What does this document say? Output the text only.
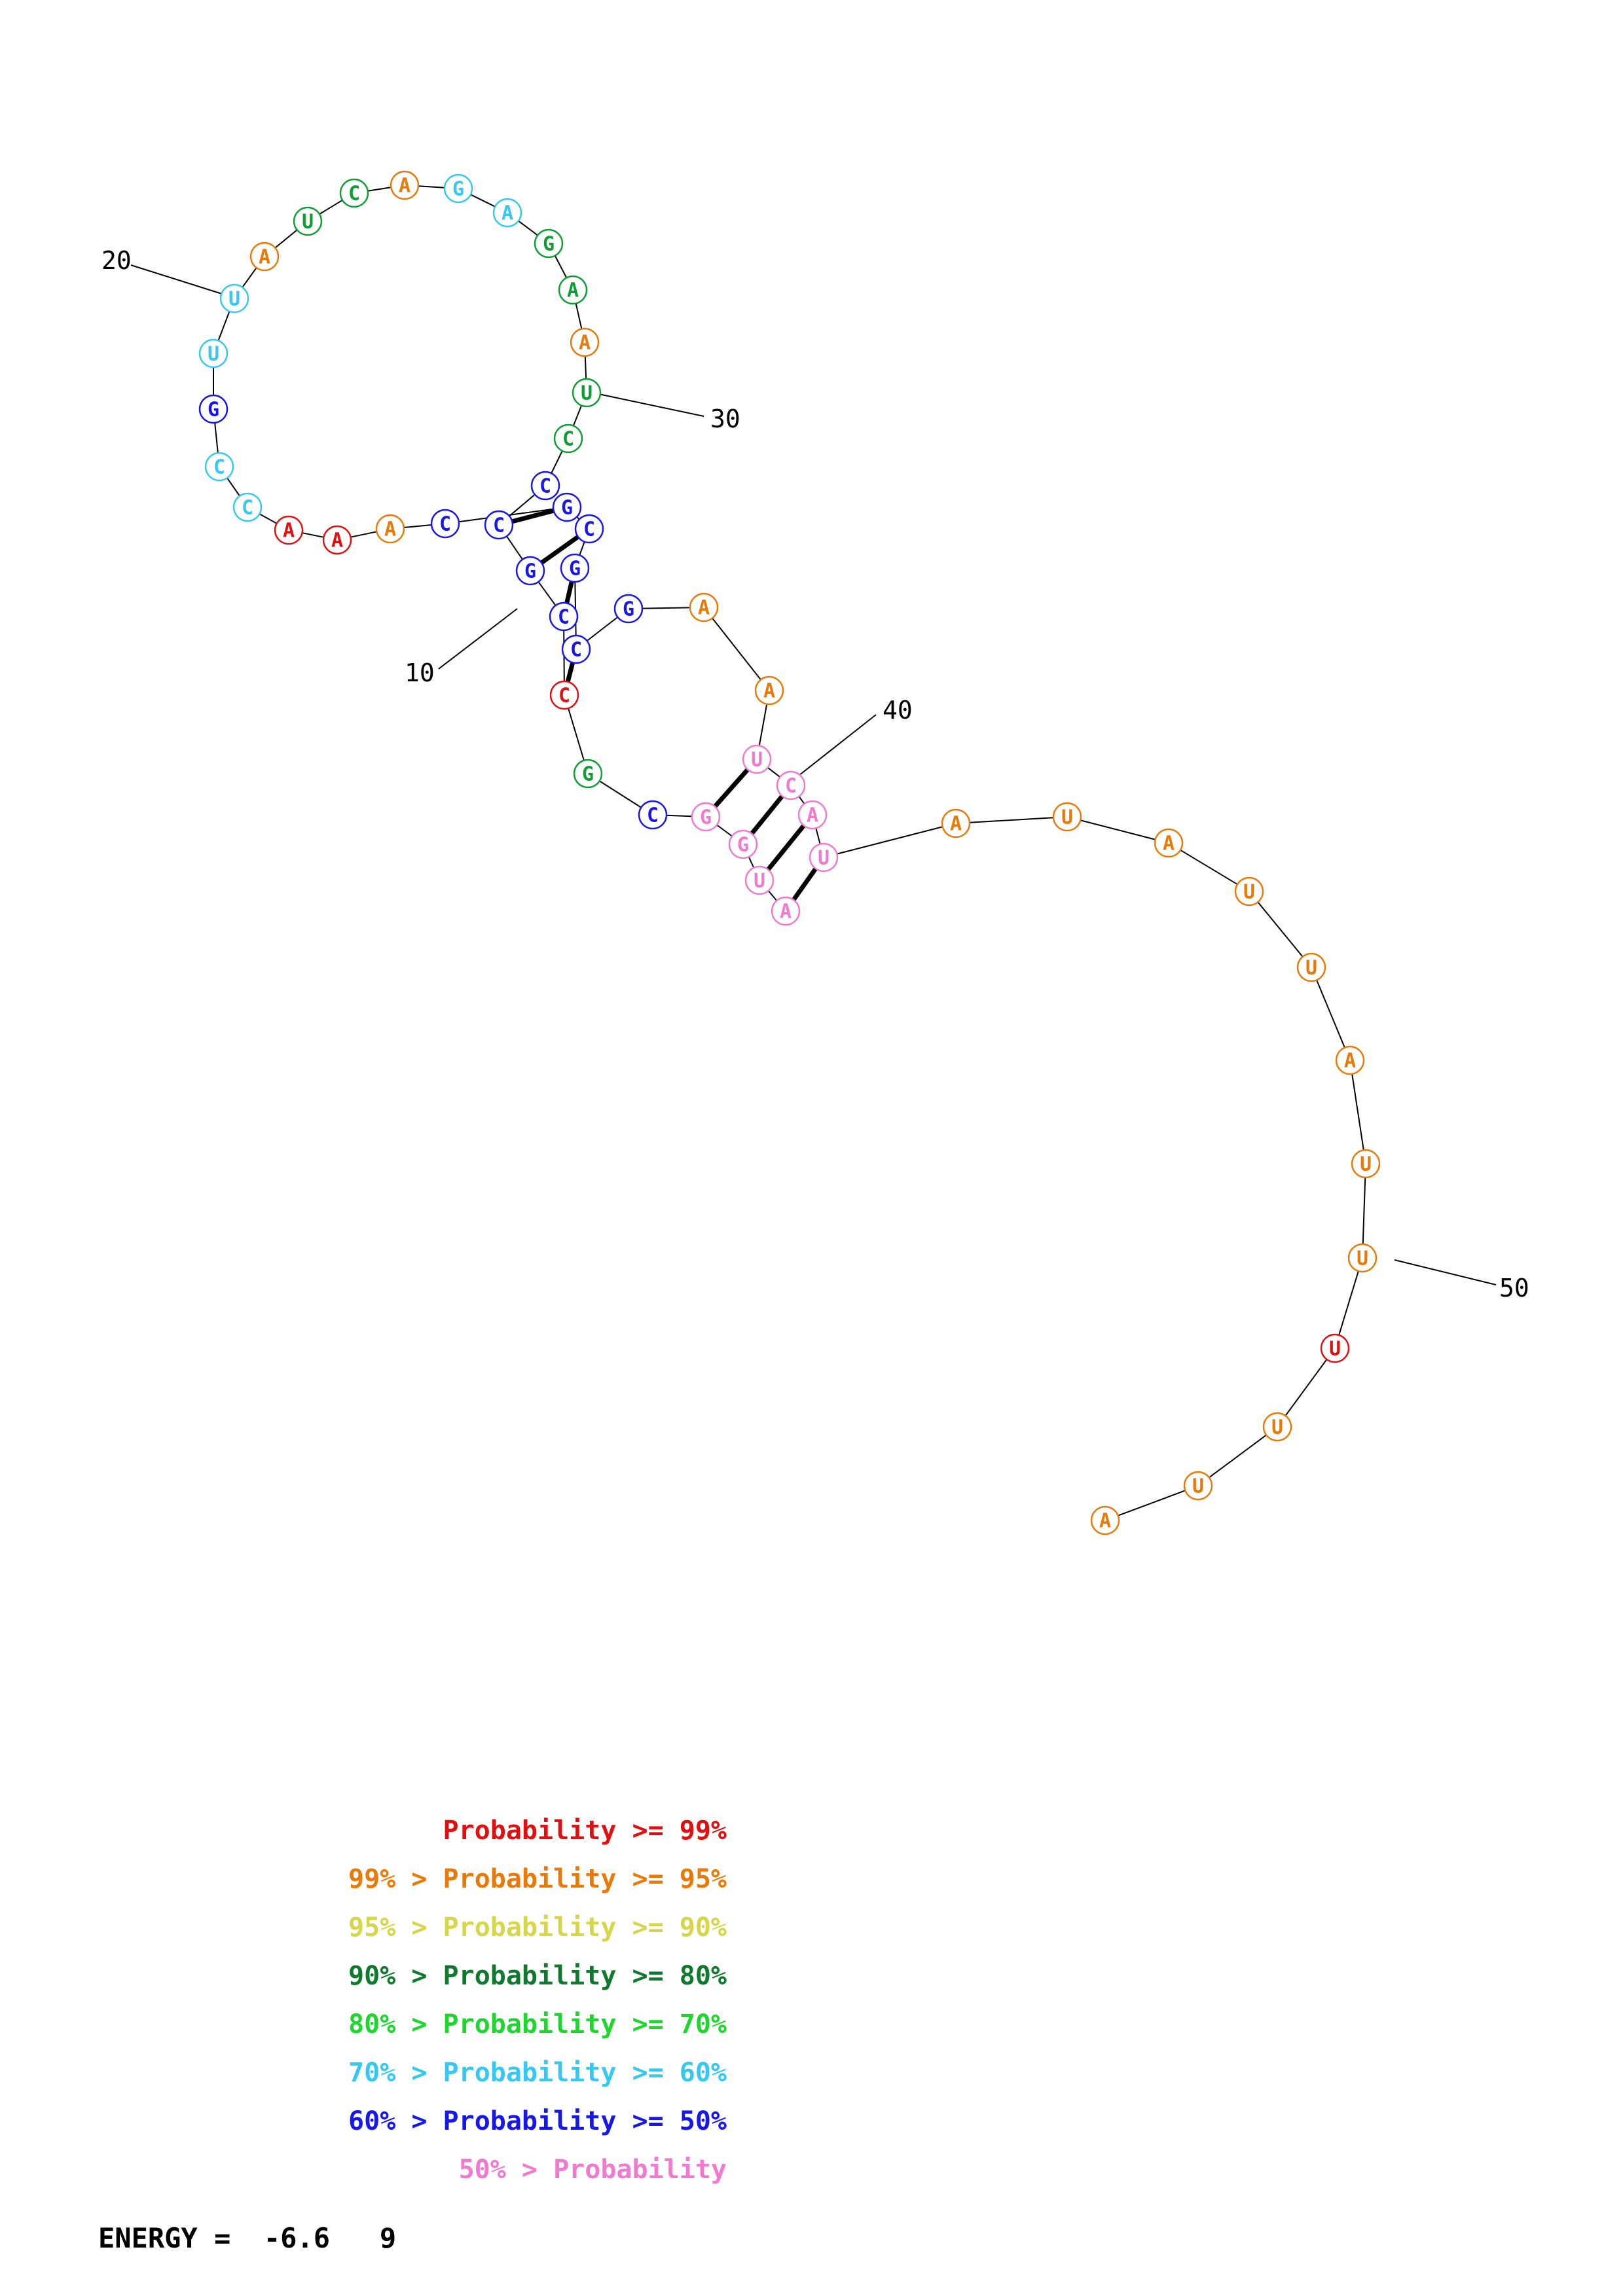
C
A
A
A
C
C
G
U
U
A
U
C A G
A
G
A
A
U
C
C
C
G
C
C
G
C G
G
U
A
U
A
C
U
A
A
G
C
G
C
G
A	U
A
U
U
A
U
U
U
U
U
A
20
30
10
40
50
Probability >= 99%
99% > Probability >= 95%
95% > Probability >= 90%
90% > Probability >= 80%
80% > Probability >= 70%
70% > Probability >= 60%
60% > Probability >= 50%
50% > Probability
ENERGY =  -6.6   9
